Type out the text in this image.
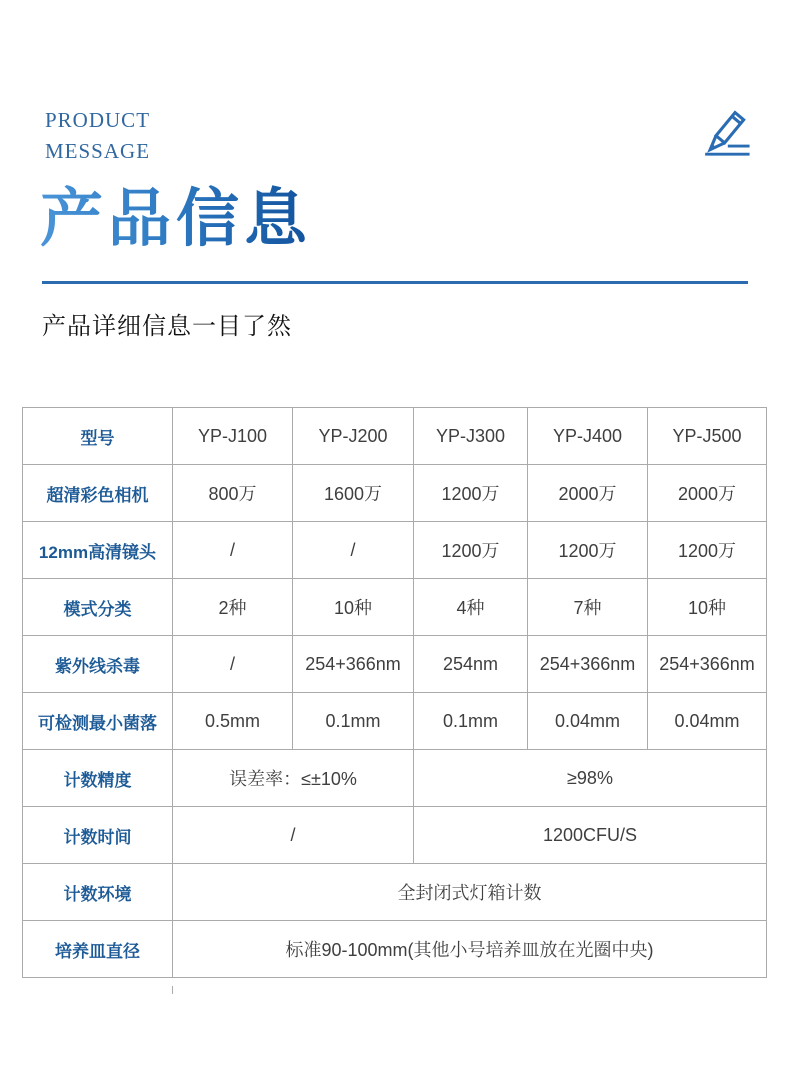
PRODUCT
MESSAGE
产品信息
产品详细信息一目了然
型号	YP-J100	YP-J200	YP-J300	YP-J400	YP-J500
超清彩色相机	800万	1600万	1200万	2000万	2000万
12mm高清镜头	/	/	1200万	1200万	1200万
模式分类	2种	10种	4种	7种	10种
紫外线杀毒	/	254+366nm	254nm	254+366nm	254+366nm
可检测最小菌落	0.5mm	0.1mm	0.1mm	0.04mm	0.04mm
计数精度	误差率：≤±10%		≥98%		
计数时间	/		1200CFU/S		
计数环境	全封闭式灯箱计数				
培养皿直径	标准90-100mm(其他小号培养皿放在光圈中央)				
